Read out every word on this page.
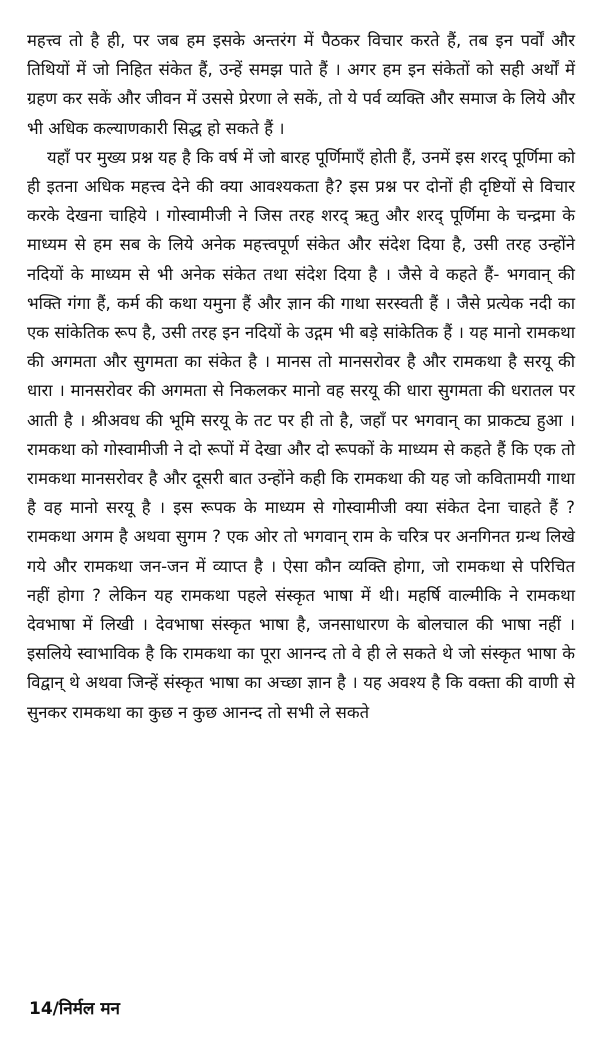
महत्त्व तो है ही, पर जब हम इसके अन्तरंग में पैठकर विचार करते हैं, तब इन पर्वों और तिथियों में जो निहित संकेत हैं, उन्हें समझ पाते हैं । अगर हम इन संकेतों को सही अर्थों में ग्रहण कर सकें और जीवन में उससे प्रेरणा ले सकें, तो ये पर्व व्यक्ति और समाज के लिये और भी अधिक कल्याणकारी सिद्ध हो सकते हैं ।

यहाँ पर मुख्य प्रश्न यह है कि वर्ष में जो बारह पूर्णिमाएँ होती हैं, उनमें इस शरद् पूर्णिमा को ही इतना अधिक महत्त्व देने की क्या आवश्यकता है? इस प्रश्न पर दोनों ही दृष्टियों से विचार करके देखना चाहिये । गोस्वामीजी ने जिस तरह शरद् ऋतु और शरद् पूर्णिमा के चन्द्रमा के माध्यम से हम सब के लिये अनेक महत्त्वपूर्ण संकेत और संदेश दिया है, उसी तरह उन्होंने नदियों के माध्यम से भी अनेक संकेत तथा संदेश दिया है । जैसे वे कहते हैं- भगवान् की भक्ति गंगा हैं, कर्म की कथा यमुना हैं और ज्ञान की गाथा सरस्वती हैं । जैसे प्रत्येक नदी का एक सांकेतिक रूप है, उसी तरह इन नदियों के उद्गम भी बड़े सांकेतिक हैं । यह मानो रामकथा की अगमता और सुगमता का संकेत है । मानस तो मानसरोवर है और रामकथा है सरयू की धारा । मानसरोवर की अगमता से निकलकर मानो वह सरयू की धारा सुगमता की धरातल पर आती है । श्रीअवध की भूमि सरयू के तट पर ही तो है, जहाँ पर भगवान् का प्राकट्य हुआ । रामकथा को गोस्वामीजी ने दो रूपों में देखा और दो रूपकों के माध्यम से कहते हैं कि एक तो रामकथा मानसरोवर है और दूसरी बात उन्होंने कही कि रामकथा की यह जो कवितामयी गाथा है वह मानो सरयू है । इस रूपक के माध्यम से गोस्वामीजी क्या संकेत देना चाहते हैं ? रामकथा अगम है अथवा सुगम ? एक ओर तो भगवान् राम के चरित्र पर अनगिनत ग्रन्थ लिखे गये और रामकथा जन-जन में व्याप्त है । ऐसा कौन व्यक्ति होगा, जो रामकथा से परिचित नहीं होगा ? लेकिन यह रामकथा पहले संस्कृत भाषा में थी। महर्षि वाल्मीकि ने रामकथा देवभाषा में लिखी । देवभाषा संस्कृत भाषा है, जनसाधारण के बोलचाल की भाषा नहीं । इसलिये स्वाभाविक है कि रामकथा का पूरा आनन्द तो वे ही ले सकते थे जो संस्कृत भाषा के विद्वान् थे अथवा जिन्हें संस्कृत भाषा का अच्छा ज्ञान है । यह अवश्य है कि वक्ता की वाणी से सुनकर रामकथा का कुछ न कुछ आनन्द तो सभी ले सकते

14/निर्मल मन
